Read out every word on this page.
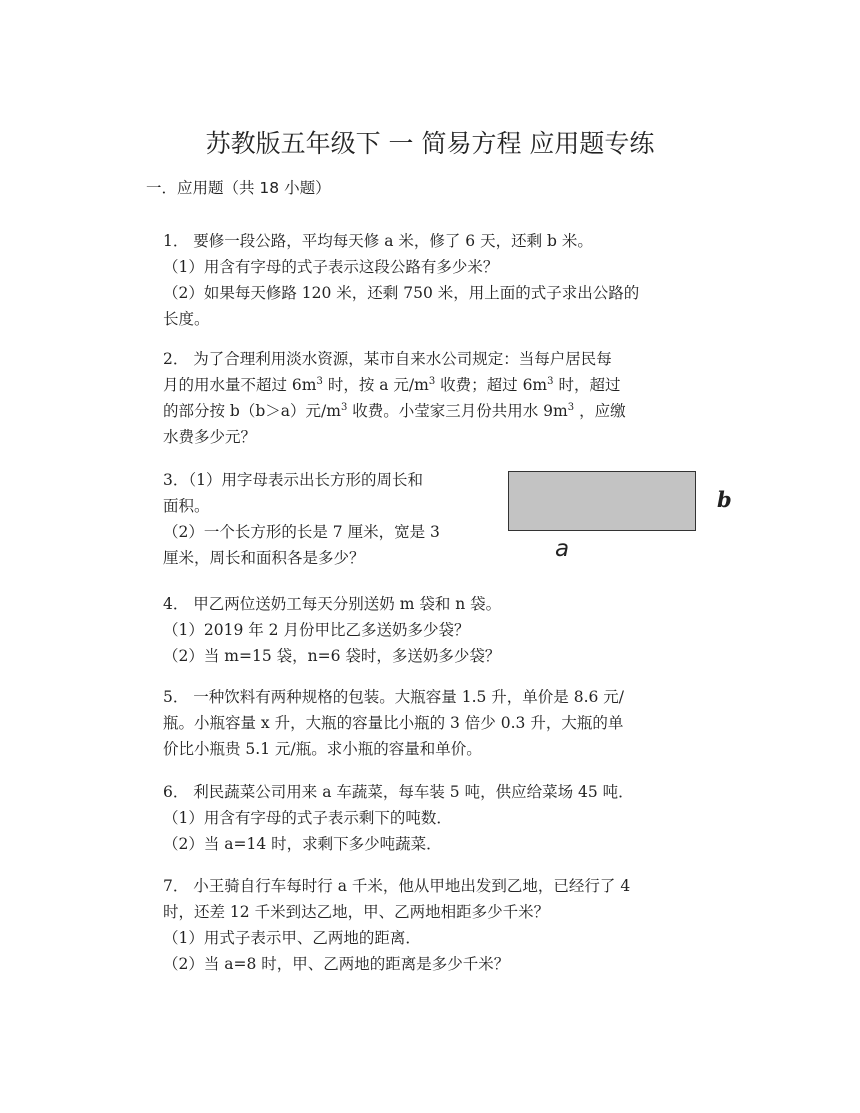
苏教版五年级下 一 简易方程 应用题专练
一．应用题（共 18 小题）
1． 要修一段公路，平均每天修 a 米，修了 6 天，还剩 b 米。
（1）用含有字母的式子表示这段公路有多少米？
（2）如果每天修路 120 米，还剩 750 米，用上面的式子求出公路的
长度。
2． 为了合理利用淡水资源，某市自来水公司规定：当每户居民每
月的用水量不超过 $6m^3$ 时，按 a 元$/m^3$ 收费；超过 $6m^3$ 时，超过
的部分按 b（b＞a）元$/m^3$ 收费。小莹家三月份共用水 $9m^3$ ，应缴
水费多少元？
3．（1）用字母表示出长方形的周长和
面积。
（2）一个长方形的长是 7 厘米，宽是 3
厘米，周长和面积各是多少？
b
a
4． 甲乙两位送奶工每天分别送奶 m 袋和 n 袋。
（1）2019 年 2 月份甲比乙多送奶多少袋？
（2）当 m=15 袋，n=6 袋时，多送奶多少袋？
5． 一种饮料有两种规格的包装。大瓶容量 1.5 升，单价是 8.6 元/
瓶。小瓶容量 x 升，大瓶的容量比小瓶的 3 倍少 0.3 升，大瓶的单
价比小瓶贵 5.1 元/瓶。求小瓶的容量和单价。
6． 利民蔬菜公司用来 a 车蔬菜，每车装 5 吨，供应给菜场 45 吨．
（1）用含有字母的式子表示剩下的吨数．
（2）当 a=14 时，求剩下多少吨蔬菜．
7． 小王骑自行车每时行 a 千米，他从甲地出发到乙地，已经行了 4
时，还差 12 千米到达乙地，甲、乙两地相距多少千米？
（1）用式子表示甲、乙两地的距离．
（2）当 a=8 时，甲、乙两地的距离是多少千米？
